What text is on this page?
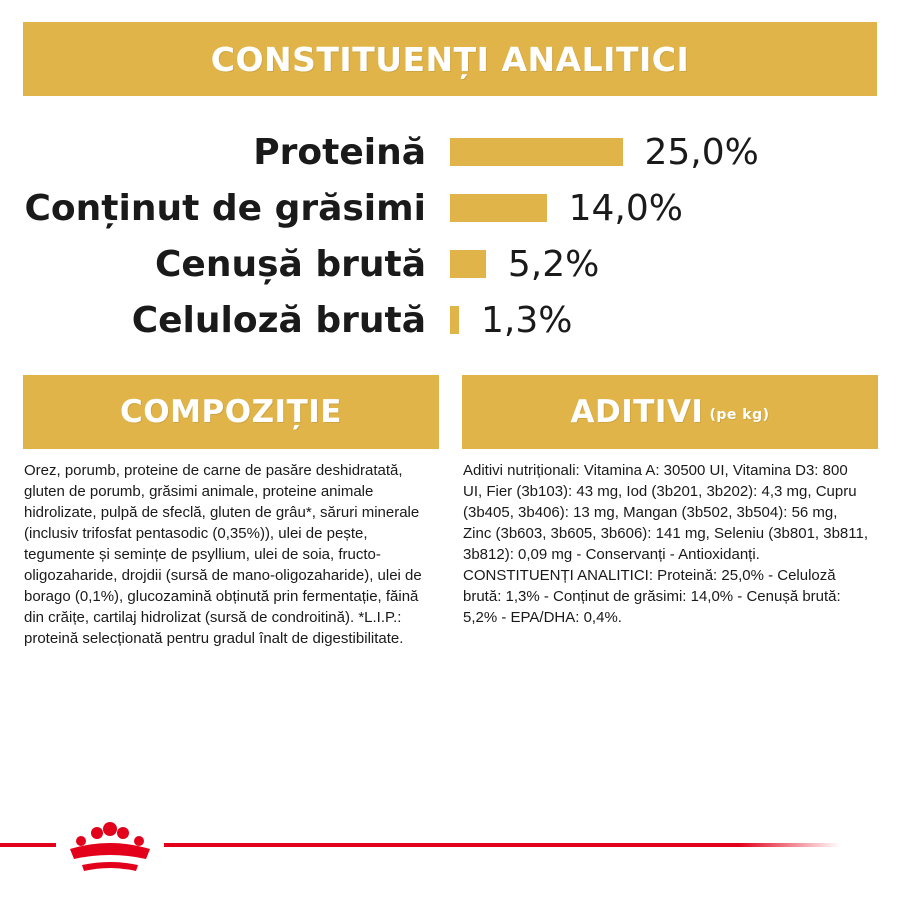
CONSTITUENȚI ANALITICI
Proteină	25,0%
Conținut de grăsimi	14,0%
Cenușă brută 5,2%
Celuloză brută 1,3%
COMPOZIȚIE	ADITIVI (pe kg)
Orez, porumb, proteine de carne de pasăre deshidratată, gluten de porumb, grăsimi animale, proteine animale hidrolizate, pulpă de sfeclă, gluten de grâu*, săruri minerale (inclusiv trifosfat pentasodic (0,35%)), ulei de pește, tegumente și semințe de psyllium, ulei de soia, fructo-oligozaharide, drojdii (sursă de mano-oligozaharide), ulei de borago (0,1%), glucozamină obținută prin fermentație, făină din crăițe, cartilaj hidrolizat (sursă de condroitină). *L.I.P.: proteină selecționată pentru gradul înalt de digestibilitate.
Aditivi nutriționali: Vitamina A: 30500 UI, Vitamina D3: 800 UI, Fier (3b103): 43 mg, Iod (3b201, 3b202): 4,3 mg, Cupru (3b405, 3b406): 13 mg, Mangan (3b502, 3b504): 56 mg, Zinc (3b603, 3b605, 3b606): 141 mg, Seleniu (3b801, 3b811, 3b812): 0,09 mg - Conservanți - Antioxidanți. CONSTITUENȚI ANALITICI: Proteină: 25,0% - Celuloză brută: 1,3% - Conținut de grăsimi: 14,0% - Cenușă brută: 5,2% - EPA/DHA: 0,4%.
